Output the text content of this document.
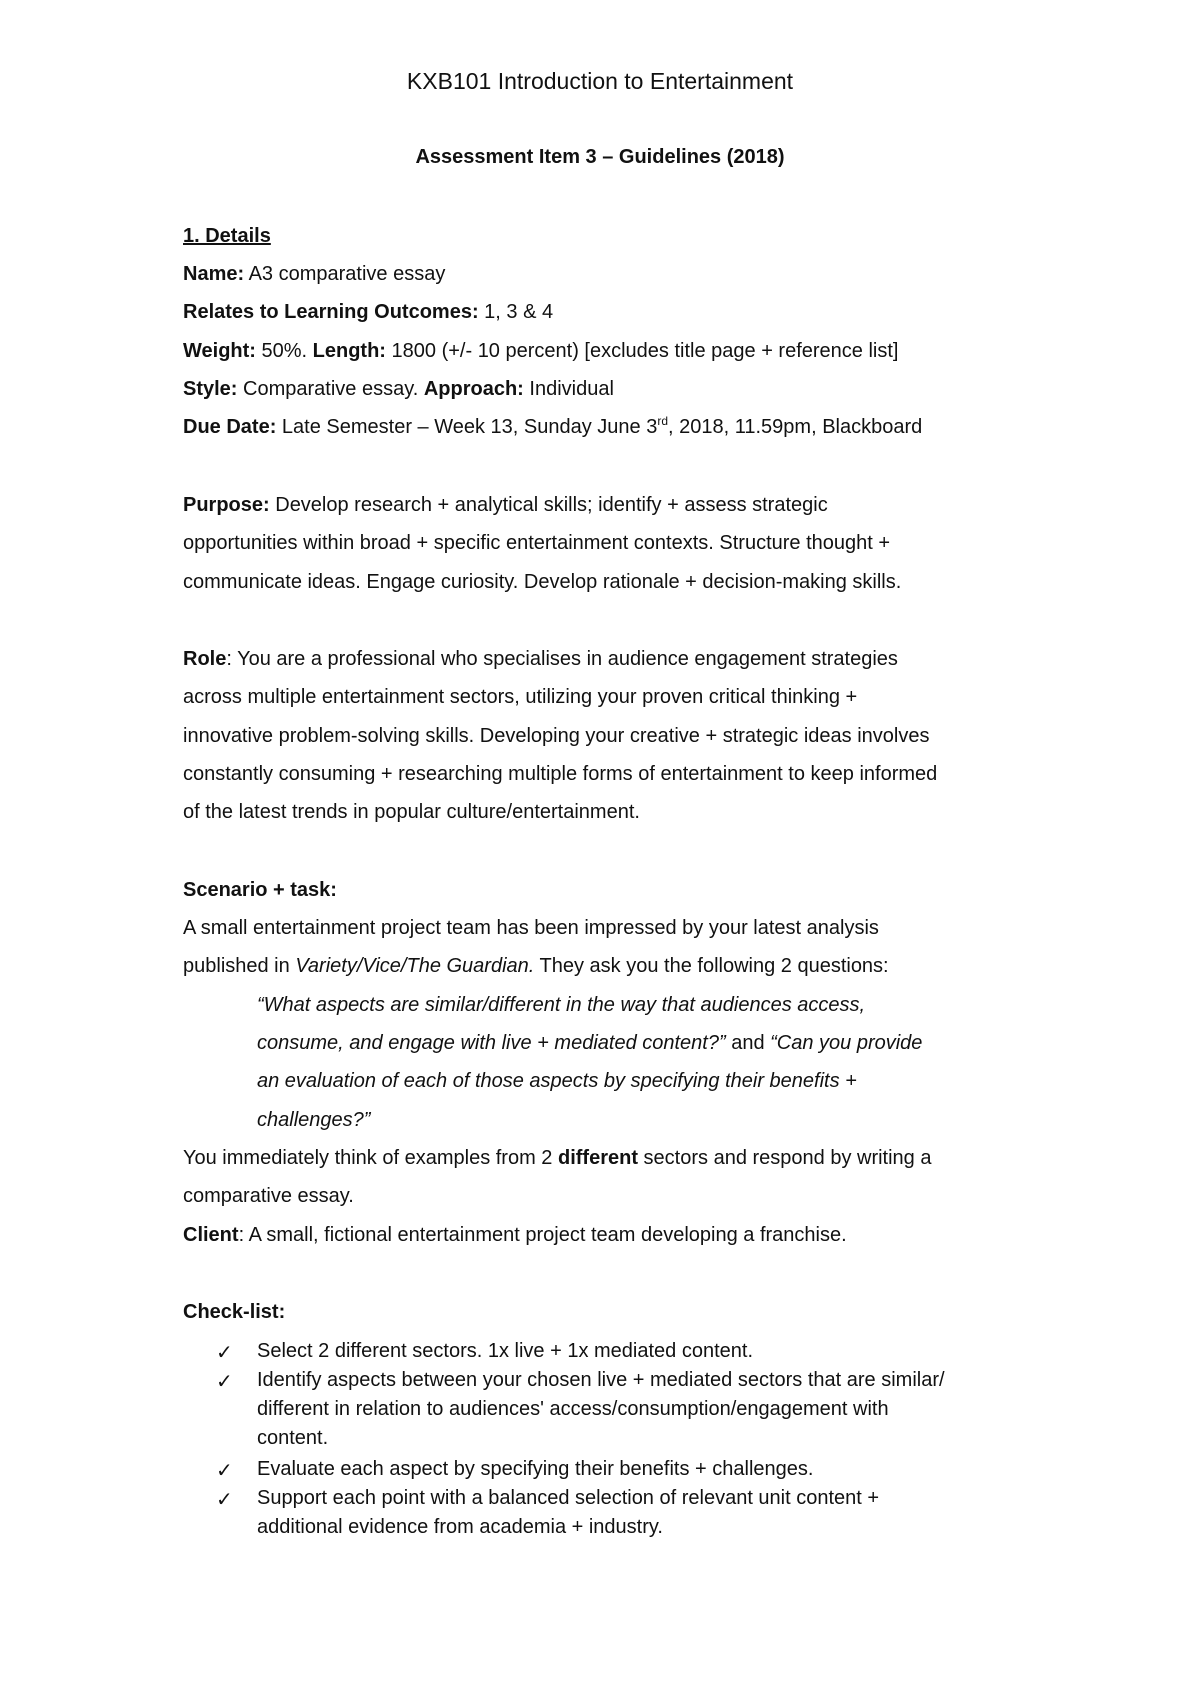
KXB101 Introduction to Entertainment
Assessment Item 3 – Guidelines (2018)
1. Details
Name: A3 comparative essay
Relates to Learning Outcomes: 1, 3 & 4
Weight: 50%. Length: 1800 (+/- 10 percent) [excludes title page + reference list]
Style: Comparative essay. Approach: Individual
Due Date: Late Semester – Week 13, Sunday June 3rd, 2018, 11.59pm, Blackboard
Purpose: Develop research + analytical skills; identify + assess strategic
opportunities within broad + specific entertainment contexts. Structure thought +
communicate ideas. Engage curiosity. Develop rationale + decision-making skills.
Role: You are a professional who specialises in audience engagement strategies
across multiple entertainment sectors, utilizing your proven critical thinking +
innovative problem-solving skills. Developing your creative + strategic ideas involves
constantly consuming + researching multiple forms of entertainment to keep informed
of the latest trends in popular culture/entertainment.
Scenario + task:
A small entertainment project team has been impressed by your latest analysis
published in Variety/Vice/The Guardian. They ask you the following 2 questions:
“What aspects are similar/different in the way that audiences access,
consume, and engage with live + mediated content?” and “Can you provide
an evaluation of each of those aspects by specifying their benefits +
challenges?”
You immediately think of examples from 2 different sectors and respond by writing a
comparative essay.
Client: A small, fictional entertainment project team developing a franchise.
Check-list:
✓ Select 2 different sectors. 1x live + 1x mediated content.
✓ Identify aspects between your chosen live + mediated sectors that are similar/
different in relation to audiences' access/consumption/engagement with
content.
✓ Evaluate each aspect by specifying their benefits + challenges.
✓ Support each point with a balanced selection of relevant unit content +
additional evidence from academia + industry.
